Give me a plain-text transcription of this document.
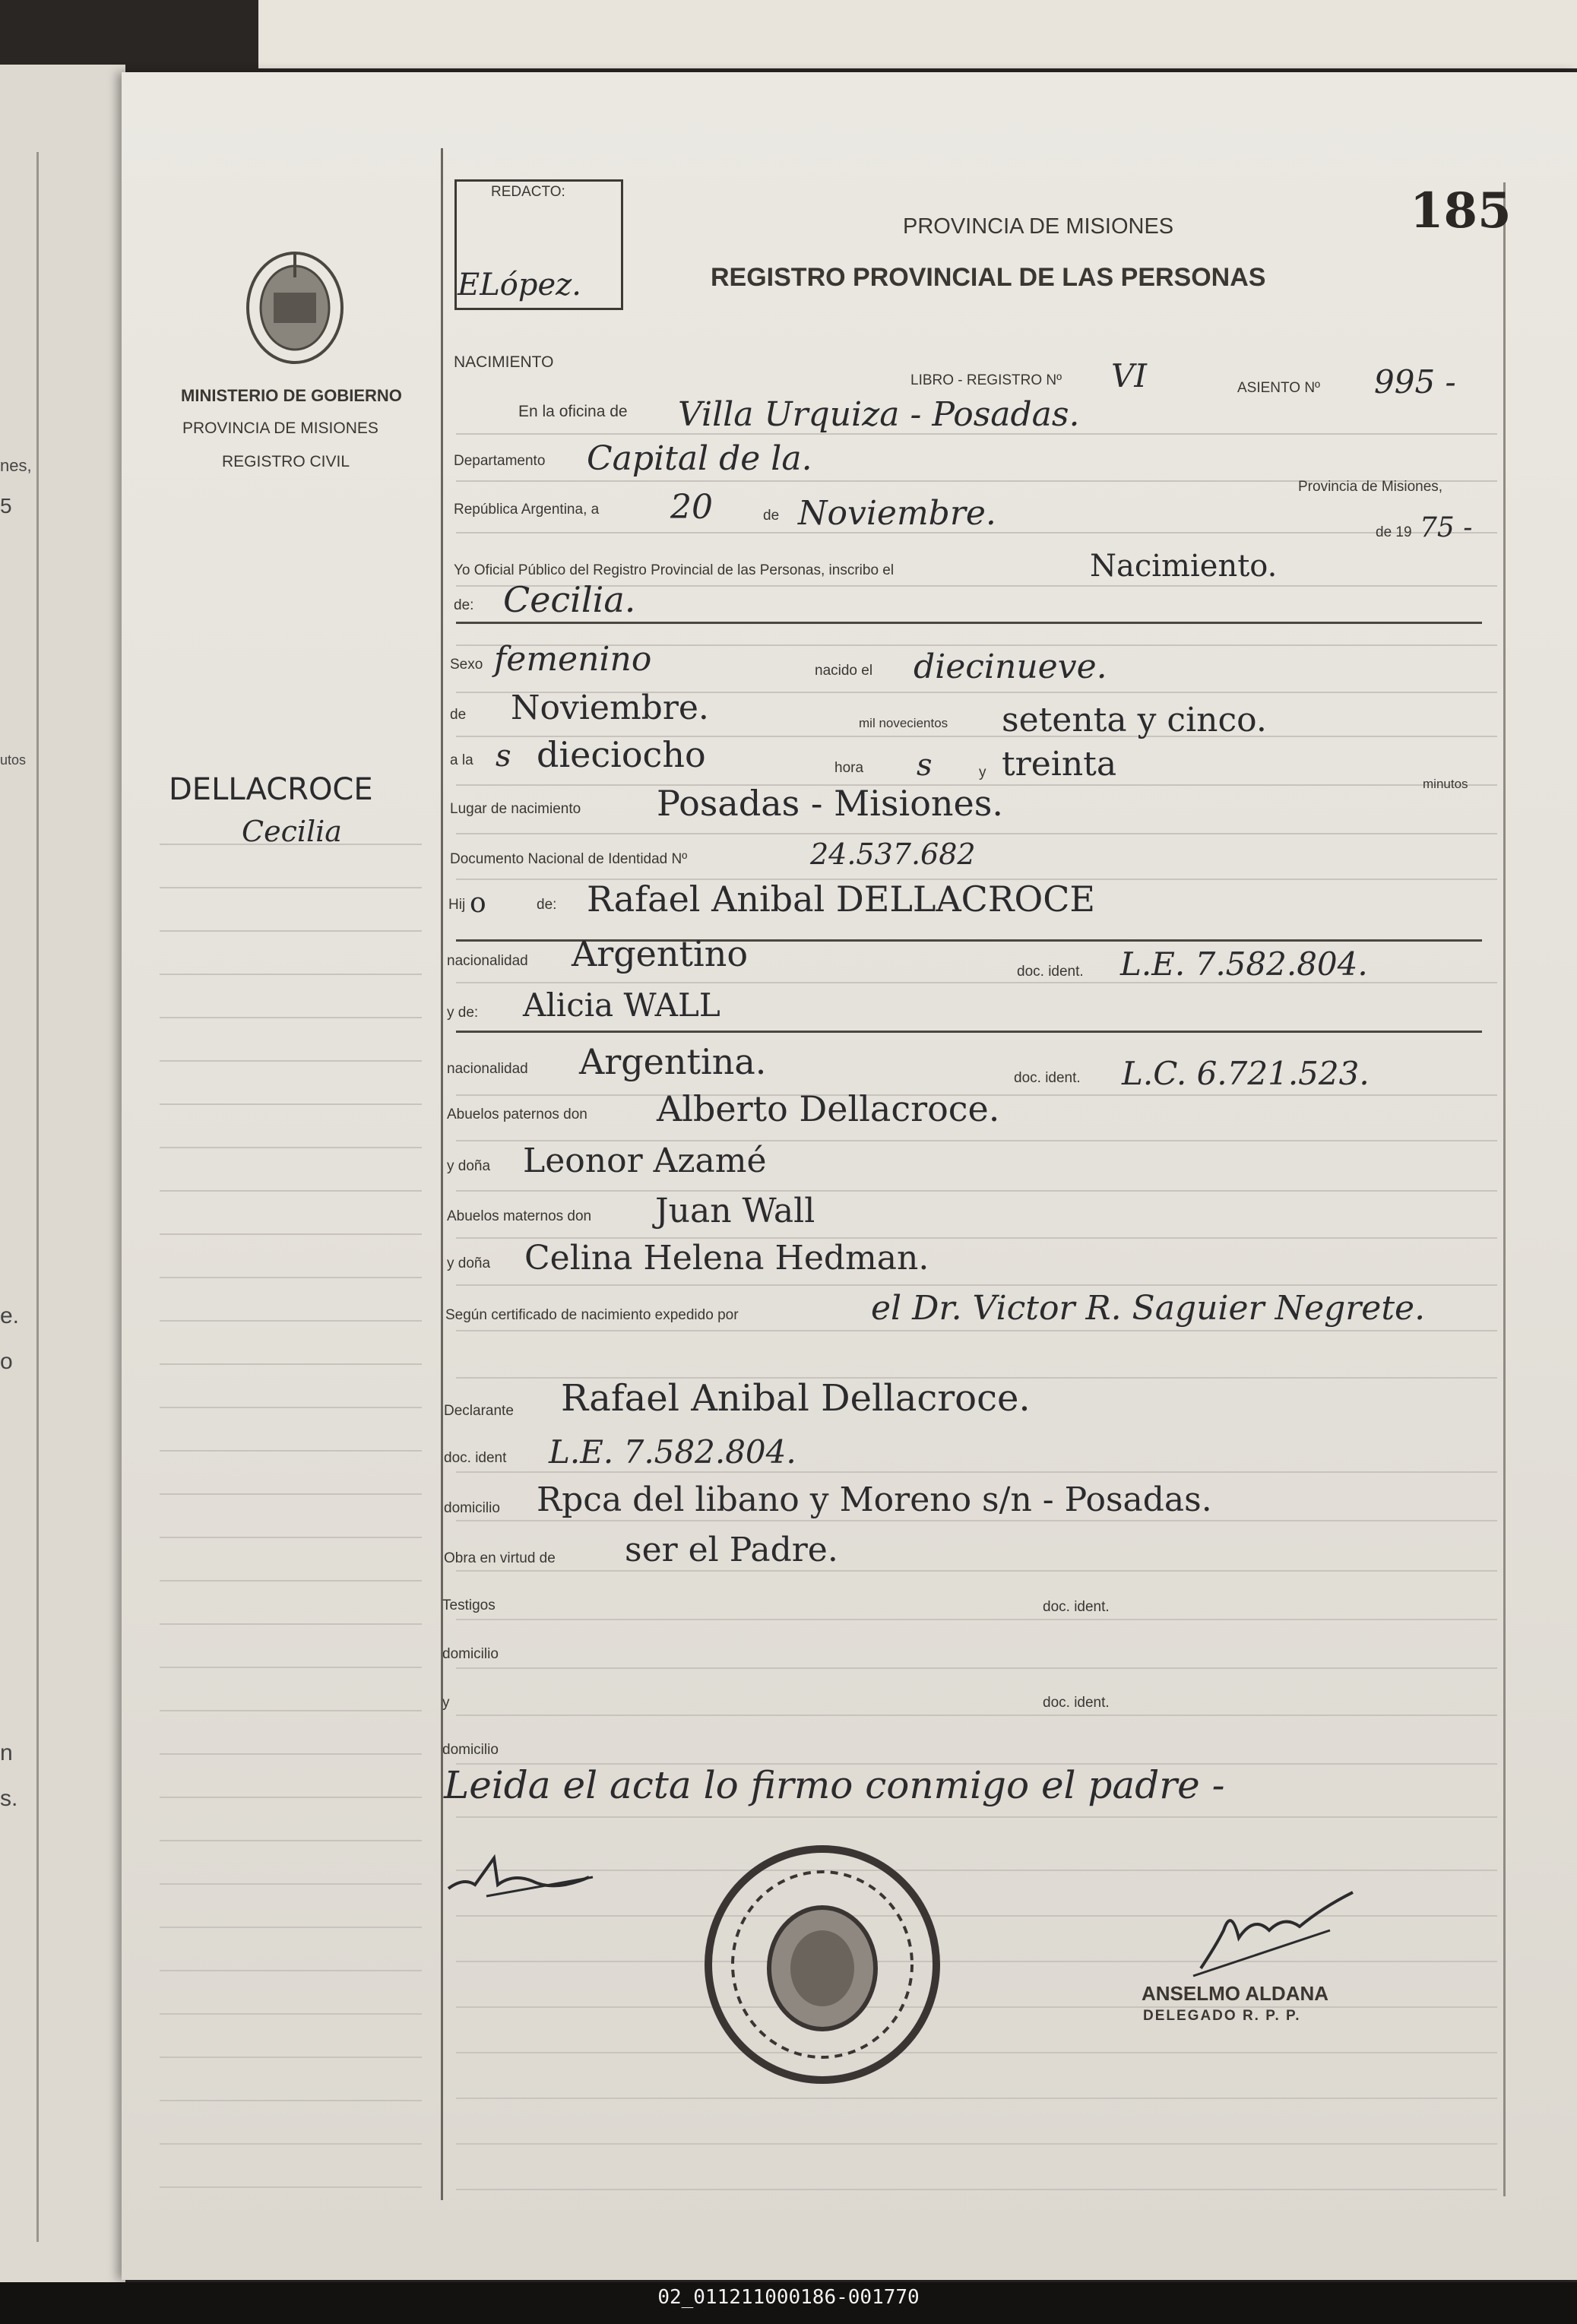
nes,
5
utos
e.
o
n
s.
MINISTERIO DE GOBIERNO
PROVINCIA DE MISIONES
REGISTRO CIVIL
DELLACROCE
Cecilia
REDACTO:
ELópez.
PROVINCIA DE MISIONES
REGISTRO PROVINCIAL DE LAS PERSONAS
185
NACIMIENTO
LIBRO - REGISTRO Nº VI	ASIENTO Nº 995 -
En la oficina de Villa Urquiza - Posadas.
Departamento Capital de la.
Provincia de Misiones,
República Argentina, a 20	de Noviembre.	de 19 75 -
Yo Oficial Público del Registro Provincial de las Personas, inscribo el	Nacimiento.
de: Cecilia.
Sexo femenino	nacido el diecinueve.
de Noviembre.	mil novecientos setenta y cinco.
a la s dieciocho	hora s	y treinta
minutos
Lugar de nacimiento Posadas - Misiones.
Documento Nacional de Identidad Nº	24.537.682
Hij o	de: Rafael Anibal DELLACROCE
nacionalidad Argentino	doc. ident. L.E. 7.582.804.
y de: Alicia WALL
nacionalidad Argentina.	doc. ident. L.C. 6.721.523.
Abuelos paternos don Alberto Dellacroce.
y doña Leonor Azamé
Abuelos maternos don Juan Wall
y doña Celina Helena Hedman.
Según certificado de nacimiento expedido por	el Dr. Victor R. Saguier Negrete.
Declarante Rafael Anibal Dellacroce.
doc. ident L.E. 7.582.804.
domicilio Rpca del libano y Moreno s/n - Posadas.
Obra en virtud de ser el Padre.
Testigos	doc. ident.
domicilio
y	doc. ident.
domicilio
Leida el acta lo firmo conmigo el padre -
ANSELMO ALDANA
DELEGADO R. P. P.
02_011211000186-001770
